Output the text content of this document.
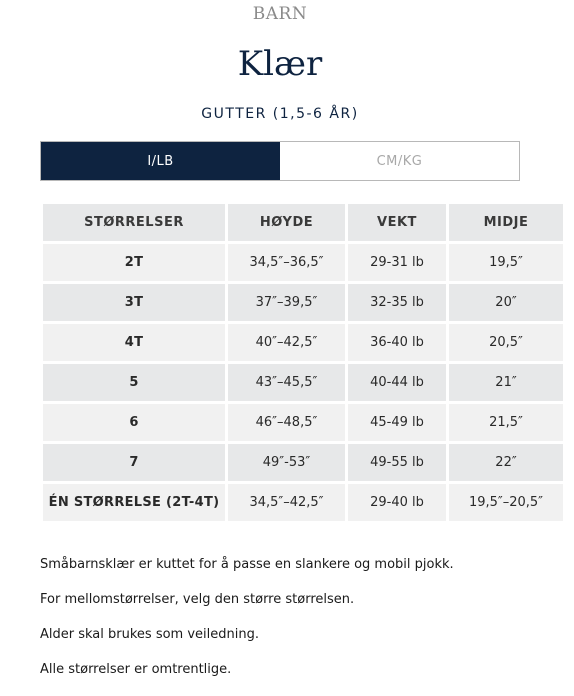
BARN
Klær
GUTTER (1,5-6 ÅR)
I/LB	CM/KG
STØRRELSER	HØYDE	VEKT	MIDJE
2T	34,5″–36,5″	29-31 lb	19,5″
3T	37″–39,5″	32-35 lb	20″
4T	40″–42,5″	36-40 lb	20,5″
5	43″–45,5″	40-44 lb	21″
6	46″–48,5″	45-49 lb	21,5″
7	49″-53″	49-55 lb	22″
ÉN STØRRELSE (2T-4T)	34,5″–42,5″	29-40 lb	19,5″–20,5″

Småbarnsklær er kuttet for å passe en slankere og mobil pjokk.

For mellomstørrelser, velg den større størrelsen.

Alder skal brukes som veiledning.

Alle størrelser er omtrentlige.
